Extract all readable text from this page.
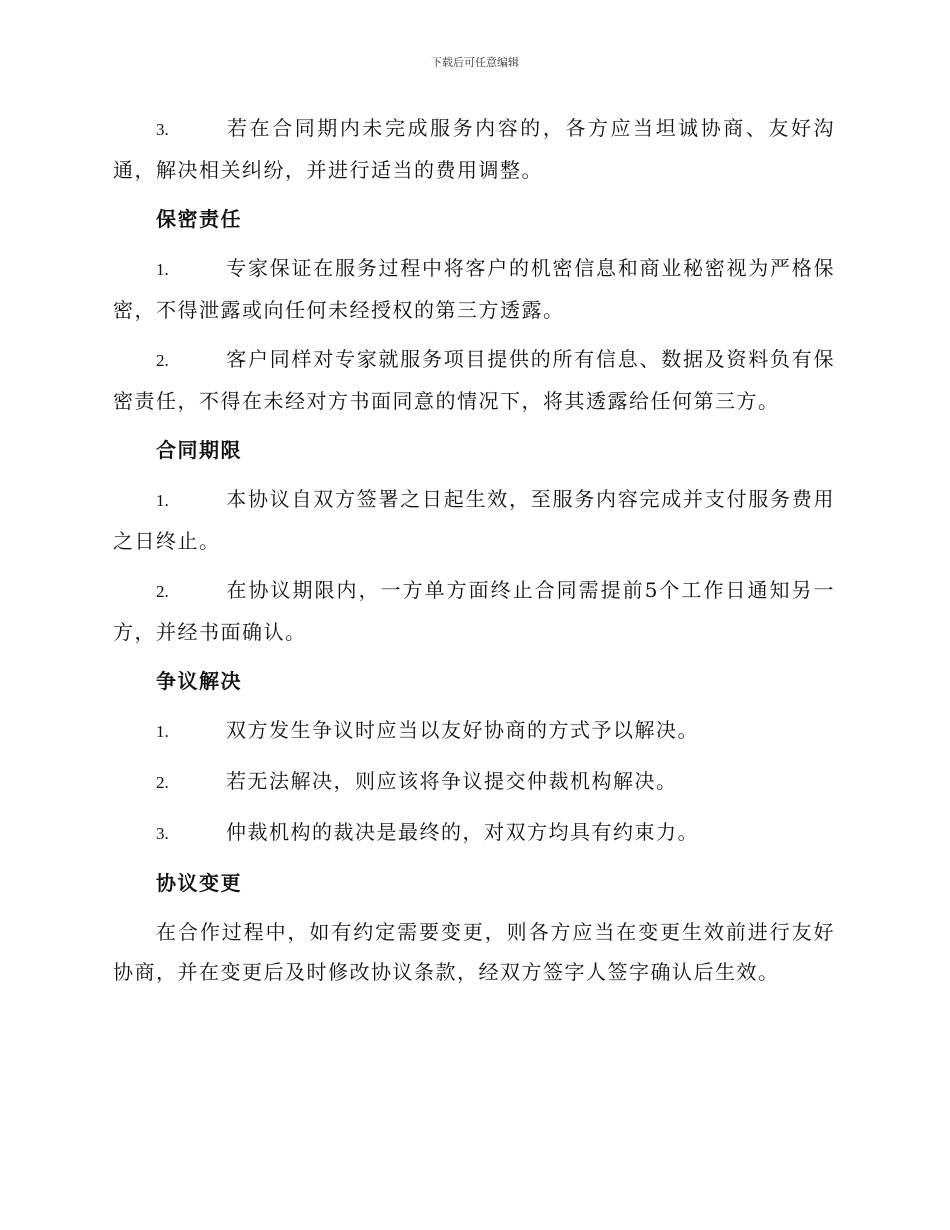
下载后可任意编辑

3.	若在合同期内未完成服务内容的，各方应当坦诚协商、友好沟通，解决相关纠纷，并进行适当的费用调整。

保密责任

1.	专家保证在服务过程中将客户的机密信息和商业秘密视为严格保密，不得泄露或向任何未经授权的第三方透露。

2.	客户同样对专家就服务项目提供的所有信息、数据及资料负有保密责任，不得在未经对方书面同意的情况下，将其透露给任何第三方。

合同期限

1.	本协议自双方签署之日起生效，至服务内容完成并支付服务费用之日终止。

2.	在协议期限内，一方单方面终止合同需提前5个工作日通知另一方，并经书面确认。

争议解决

1.	双方发生争议时应当以友好协商的方式予以解决。

2.	若无法解决，则应该将争议提交仲裁机构解决。

3.	仲裁机构的裁决是最终的，对双方均具有约束力。

协议变更

在合作过程中，如有约定需要变更，则各方应当在变更生效前进行友好协商，并在变更后及时修改协议条款，经双方签字人签字确认后生效。
